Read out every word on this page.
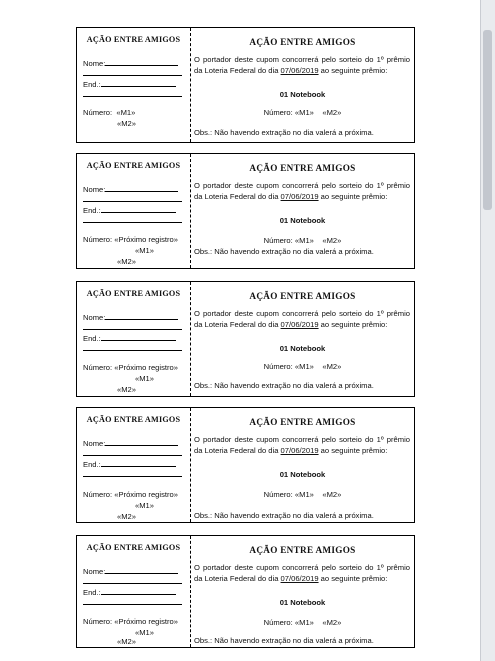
AÇÃO ENTRE AMIGOS
Nome:
End.:
Número: «M1»
«M2»
AÇÃO ENTRE AMIGOS
O portador deste cupom concorrerá pelo sorteio do 1º prêmio da Loteria Federal do dia 07/06/2019 ao seguinte prêmio:
01 Notebook
Número: «M1» «M2»
Obs.: Não havendo extração no dia valerá a próxima.
AÇÃO ENTRE AMIGOS
Nome:
End.:
Número: «Próximo registro»
«M1»
«M2»
AÇÃO ENTRE AMIGOS
O portador deste cupom concorrerá pelo sorteio do 1º prêmio da Loteria Federal do dia 07/06/2019 ao seguinte prêmio:
01 Notebook
Número: «M1» «M2»
Obs.: Não havendo extração no dia valerá a próxima.
AÇÃO ENTRE AMIGOS
Nome:
End.:
Número: «Próximo registro»
«M1»
«M2»
AÇÃO ENTRE AMIGOS
O portador deste cupom concorrerá pelo sorteio do 1º prêmio da Loteria Federal do dia 07/06/2019 ao seguinte prêmio:
01 Notebook
Número: «M1» «M2»
Obs.: Não havendo extração no dia valerá a próxima.
AÇÃO ENTRE AMIGOS
Nome:
End.:
Número: «Próximo registro»
«M1»
«M2»
AÇÃO ENTRE AMIGOS
O portador deste cupom concorrerá pelo sorteio do 1º prêmio da Loteria Federal do dia 07/06/2019 ao seguinte prêmio:
01 Notebook
Número: «M1» «M2»
Obs.: Não havendo extração no dia valerá a próxima.
AÇÃO ENTRE AMIGOS
Nome:
End.:
Número: «Próximo registro»
«M1»
«M2»
AÇÃO ENTRE AMIGOS
O portador deste cupom concorrerá pelo sorteio do 1º prêmio da Loteria Federal do dia 07/06/2019 ao seguinte prêmio:
01 Notebook
Número: «M1» «M2»
Obs.: Não havendo extração no dia valerá a próxima.
